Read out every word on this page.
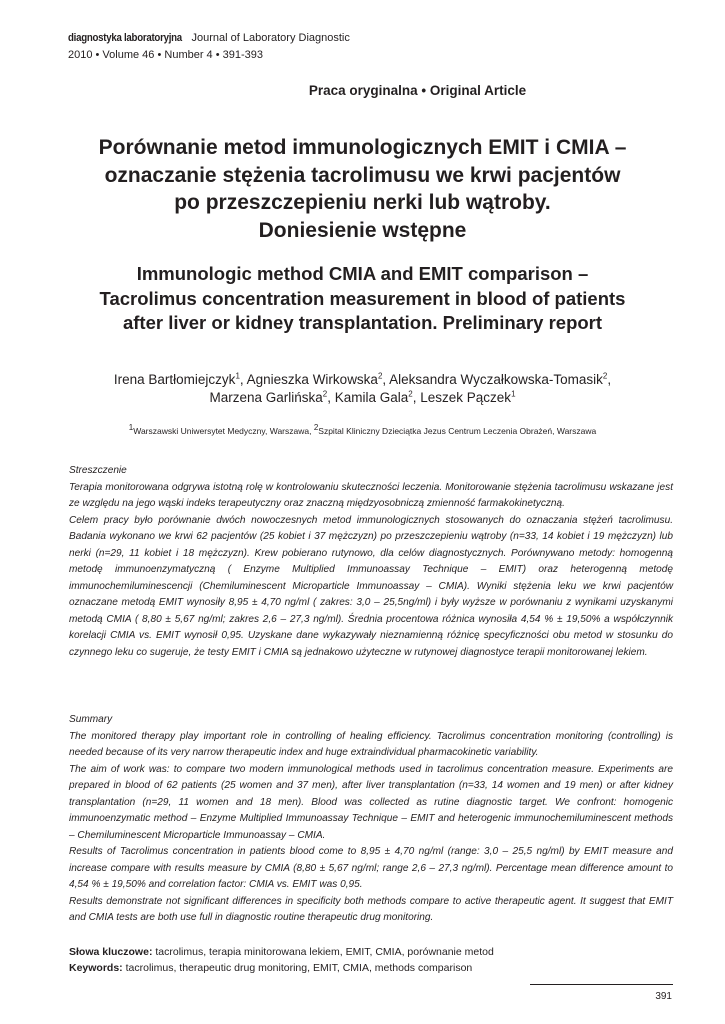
diagnostyka laboratoryjna Journal of Laboratory Diagnostic
2010 • Volume 46 • Number 4 • 391-393
Praca oryginalna • Original Article
Porównanie metod immunologicznych EMIT i CMIA –
oznaczanie stężenia tacrolimusu we krwi pacjentów
po przeszczepieniu nerki lub wątroby.
Doniesienie wstępne
Immunologic method CMIA and EMIT comparison –
Tacrolimus concentration measurement in blood of patients
after liver or kidney transplantation. Preliminary report
Irena Bartłomiejczyk$^1$, Agnieszka Wirkowska$^2$, Aleksandra Wyczałkowska-Tomasik$^2$,
Marzena Garlińska$^2$, Kamila Gala$^2$, Leszek Pączek$^1$
$^1$Warszawski Uniwersytet Medyczny, Warszawa, $^2$Szpital Kliniczny Dzieciątka Jezus Centrum Leczenia Obrażeń, Warszawa

Streszczenie

Terapia monitorowana odgrywa istotną rolę w kontrolowaniu skuteczności leczenia. Monitorowanie stężenia tacrolimusu wskazane jest ze względu na jego wąski indeks terapeutyczny oraz znaczną międzyosobniczą zmienność farmakokinetyczną.

Celem pracy było porównanie dwóch nowoczesnych metod immunologicznych stosowanych do oznaczania stężeń tacrolimusu. Badania wykonano we krwi 62 pacjentów (25 kobiet i 37 mężczyzn) po przeszczepieniu wątroby (n=33, 14 kobiet i 19 mężczyzn) lub nerki (n=29, 11 kobiet i 18 mężczyzn). Krew pobierano rutynowo, dla celów diagnostycznych. Porównywano metody: homogenną metodę immunoenzymatyczną ( Enzyme Multiplied Immunoassay Technique – EMIT) oraz heterogenną metodę immunochemiluminescencji (Chemiluminescent Microparticle Immunoassay – CMIA). Wyniki stężenia leku we krwi pacjentów oznaczane metodą EMIT wynosiły 8,95 ± 4,70 ng/ml ( zakres: 3,0 – 25,5ng/ml) i były wyższe w porównaniu z wynikami uzyskanymi metodą CMIA ( 8,80 ± 5,67 ng/ml; zakres 2,6 – 27,3 ng/ml). Średnia procentowa różnica wynosiła 4,54 % ± 19,50% a współczynnik korelacji CMIA vs. EMIT wynosił 0,95. Uzyskane dane wykazywały nieznamienną różnicę specyficzności obu metod w stosunku do czynnego leku co sugeruje, że testy EMIT i CMIA są jednakowo użyteczne w rutynowej diagnostyce terapii monitorowanej lekiem.

Summary

The monitored therapy play important role in controlling of healing efficiency. Tacrolimus concentration monitoring (controlling) is needed because of its very narrow therapeutic index and huge extraindividual pharmacokinetic variability.

The aim of work was: to compare two modern immunological methods used in tacrolimus concentration measure. Experiments are prepared in blood of 62 patients (25 women and 37 men), after liver transplantation (n=33, 14 women and 19 men) or after kidney transplantation (n=29, 11 women and 18 men). Blood was collected as rutine diagnostic target. We confront: homogenic immunoenzymatic method – Enzyme Multiplied Immunoassay Technique – EMIT and heterogenic immunochemiluminescent methods – Chemiluminescent Microparticle Immunoassay – CMIA.

Results of Tacrolimus concentration in patients blood come to 8,95 ± 4,70 ng/ml (range: 3,0 – 25,5 ng/ml) by EMIT measure and increase compare with results measure by CMIA (8,80 ± 5,67 ng/ml; range 2,6 – 27,3 ng/ml). Percentage mean difference amount to 4,54 % ± 19,50% and correlation factor: CMIA vs. EMIT was 0,95.

Results demonstrate not significant differences in specificity both methods compare to active therapeutic agent. It suggest that EMIT and CMIA tests are both use full in diagnostic routine therapeutic drug monitoring.

Słowa kluczowe: tacrolimus, terapia minitorowana lekiem, EMIT, CMIA, porównanie metod

Keywords: tacrolimus, therapeutic drug monitoring, EMIT, CMIA, methods comparison

391
